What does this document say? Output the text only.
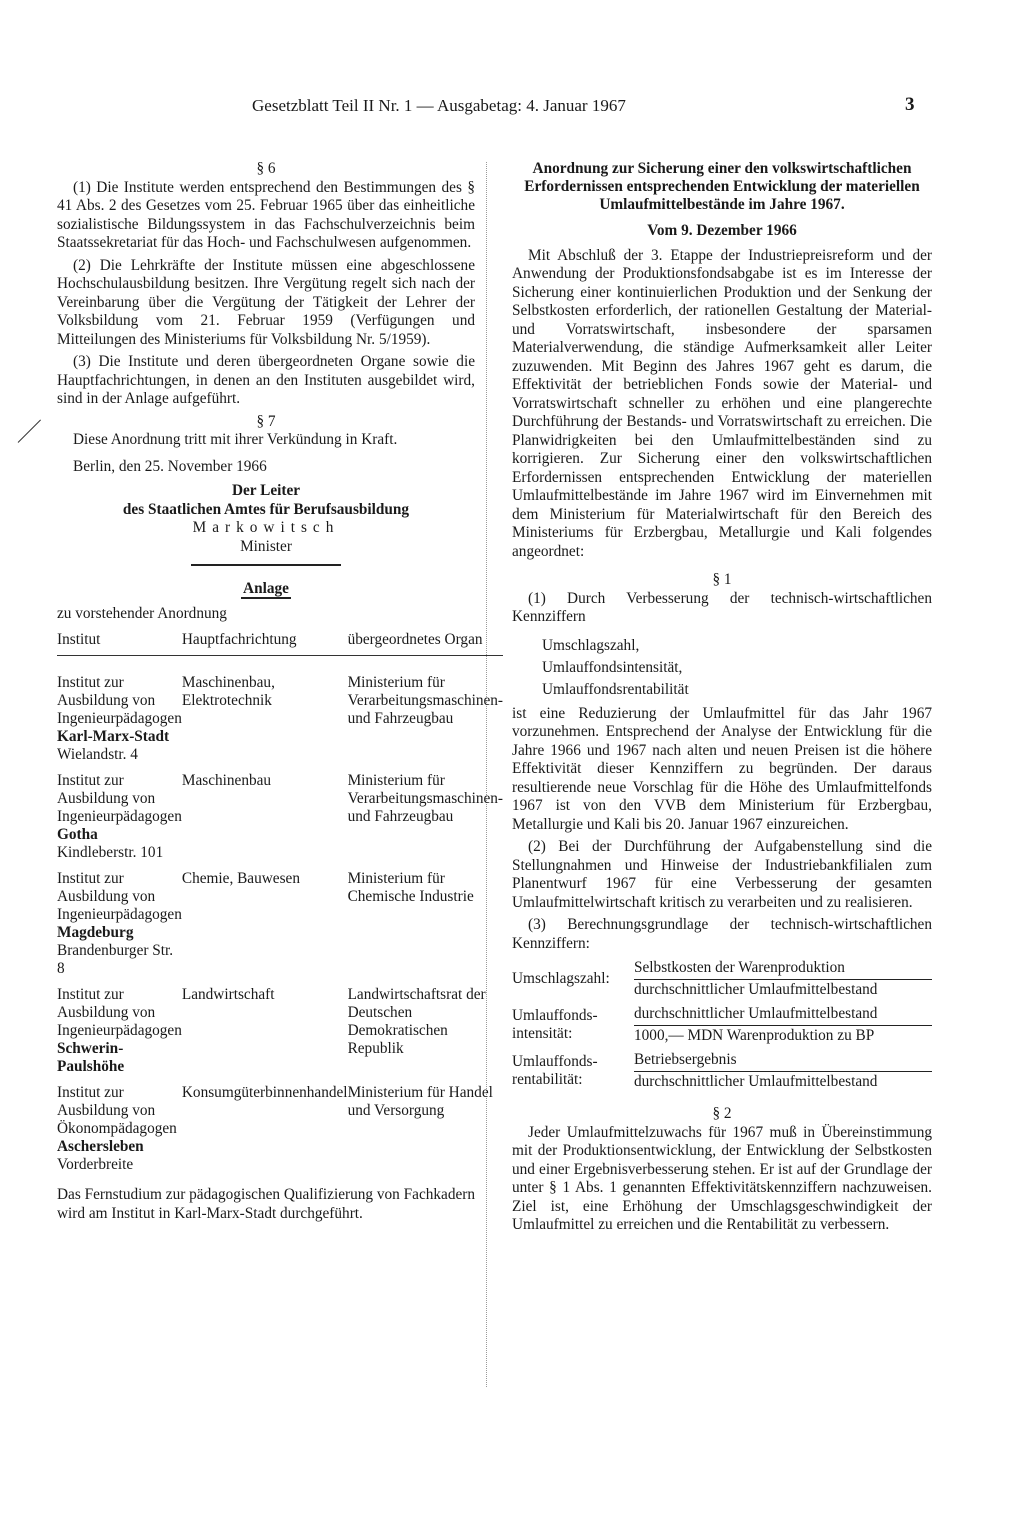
Gesetzblatt Teil II Nr. 1 — Ausgabetag: 4. Januar 1967	3

§ 6

(1) Die Institute werden entsprechend den Bestimmungen des § 41 Abs. 2 des Gesetzes vom 25. Februar 1965 über das einheitliche sozialistische Bildungssystem in das Fachschulverzeichnis beim Staatssekretariat für das Hoch- und Fachschulwesen aufgenommen.

(2) Die Lehrkräfte der Institute müssen eine abgeschlossene Hochschulausbildung besitzen. Ihre Vergütung regelt sich nach der Vereinbarung über die Vergütung der Tätigkeit der Lehrer der Volksbildung vom 21. Februar 1959 (Verfügungen und Mitteilungen des Ministeriums für Volksbildung Nr. 5/1959).

(3) Die Institute und deren übergeordneten Organe sowie die Hauptfachrichtungen, in denen an den Instituten ausgebildet wird, sind in der Anlage aufgeführt.

§ 7

Diese Anordnung tritt mit ihrer Verkündung in Kraft.

Berlin, den 25. November 1966

Der Leiter
des Staatlichen Amtes für Berufsausbildung
Markowitsch
Minister
Anlage
zu vorstehender Anordnung
Institut	Hauptfachrichtung	übergeordnetes Organ

Institut zur Ausbildung von Ingenieurpädagogen
Karl-Marx-Stadt
Wielandstr. 4	Maschinenbau, Elektrotechnik	Ministerium für Verarbeitungsmaschinen- und Fahrzeugbau

Institut zur Ausbildung von Ingenieurpädagogen
Gotha
Kindleberstr. 101	Maschinenbau	Ministerium für Verarbeitungsmaschinen- und Fahrzeugbau

Institut zur Ausbildung von Ingenieurpädagogen
Magdeburg
Brandenburger Str. 8	Chemie, Bauwesen	Ministerium für Chemische Industrie

Institut zur Ausbildung von Ingenieurpädagogen
Schwerin-Paulshöhe	Landwirtschaft	Landwirtschaftsrat der Deutschen Demokratischen Republik

Institut zur Ausbildung von Ökonompädagogen
Aschersleben
Vorderbreite	Konsumgüterbinnenhandel	Ministerium für Handel und Versorgung

Das Fernstudium zur pädagogischen Qualifizierung von Fachkadern wird am Institut in Karl-Marx-Stadt durchgeführt.

Anordnung zur Sicherung einer den volkswirtschaftlichen Erfordernissen entsprechenden Entwicklung der materiellen Umlaufmittelbestände im Jahre 1967.

Vom 9. Dezember 1966

Mit Abschluß der 3. Etappe der Industriepreisreform und der Anwendung der Produktionsfondsabgabe ist es im Interesse der Sicherung einer kontinuierlichen Produktion und der Senkung der Selbstkosten erforderlich, der rationellen Gestaltung der Material- und Vorratswirtschaft, insbesondere der sparsamen Materialverwendung, die ständige Aufmerksamkeit aller Leiter zuzuwenden. Mit Beginn des Jahres 1967 geht es darum, die Effektivität der betrieblichen Fonds sowie der Material- und Vorratswirtschaft schneller zu erhöhen und eine plangerechte Durchführung der Bestands- und Vorratswirtschaft zu erreichen. Die Planwidrigkeiten bei den Umlaufmittelbeständen sind zu korrigieren. Zur Sicherung einer den volkswirtschaftlichen Erfordernissen entsprechenden Entwicklung der materiellen Umlaufmittelbestände im Jahre 1967 wird im Einvernehmen mit dem Ministerium für Materialwirtschaft für den Bereich des Ministeriums für Erzbergbau, Metallurgie und Kali folgendes angeordnet:

§ 1

(1) Durch Verbesserung der technisch-wirtschaftlichen Kennziffern

Umschlagszahl,
Umlauffondsintensität,
Umlauffondsrentabilität

ist eine Reduzierung der Umlaufmittel für das Jahr 1967 vorzunehmen. Entsprechend der Analyse der Entwicklung für die Jahre 1966 und 1967 nach alten und neuen Preisen ist die höhere Effektivität dieser Kennziffern zu begründen. Der daraus resultierende neue Vorschlag für die Höhe des Umlaufmittelfonds 1967 ist von den VVB dem Ministerium für Erzbergbau, Metallurgie und Kali bis 20. Januar 1967 einzureichen.

(2) Bei der Durchführung der Aufgabenstellung sind die Stellungnahmen und Hinweise der Industriebankfilialen zum Planentwurf 1967 für eine Verbesserung der gesamten Umlaufmittelwirtschaft kritisch zu verarbeiten und zu realisieren.

(3) Berechnungsgrundlage der technisch-wirtschaftlichen Kennziffern:

Umschlagszahl:	$\frac{\text{Selbstkosten der Warenproduktion}}{\text{durchschnittlicher Umlaufmittelbestand}}$
Umlauffonds-intensität:	$\frac{\text{durchschnittlicher Umlaufmittelbestand}}{\text{1000,— MDN Warenproduktion zu BP}}$
Umlauffonds-rentabilität:	$\frac{\text{Betriebsergebnis}}{\text{durchschnittlicher Umlaufmittelbestand}}$

§ 2

Jeder Umlaufmittelzuwachs für 1967 muß in Übereinstimmung mit der Produktionsentwicklung, der Entwicklung der Selbstkosten und einer Ergebnisverbesserung stehen. Er ist auf der Grundlage der unter § 1 Abs. 1 genannten Effektivitätskennziffern nachzuweisen. Ziel ist, eine Erhöhung der Umschlagsgeschwindigkeit der Umlaufmittel zu erreichen und die Rentabilität zu verbessern.
